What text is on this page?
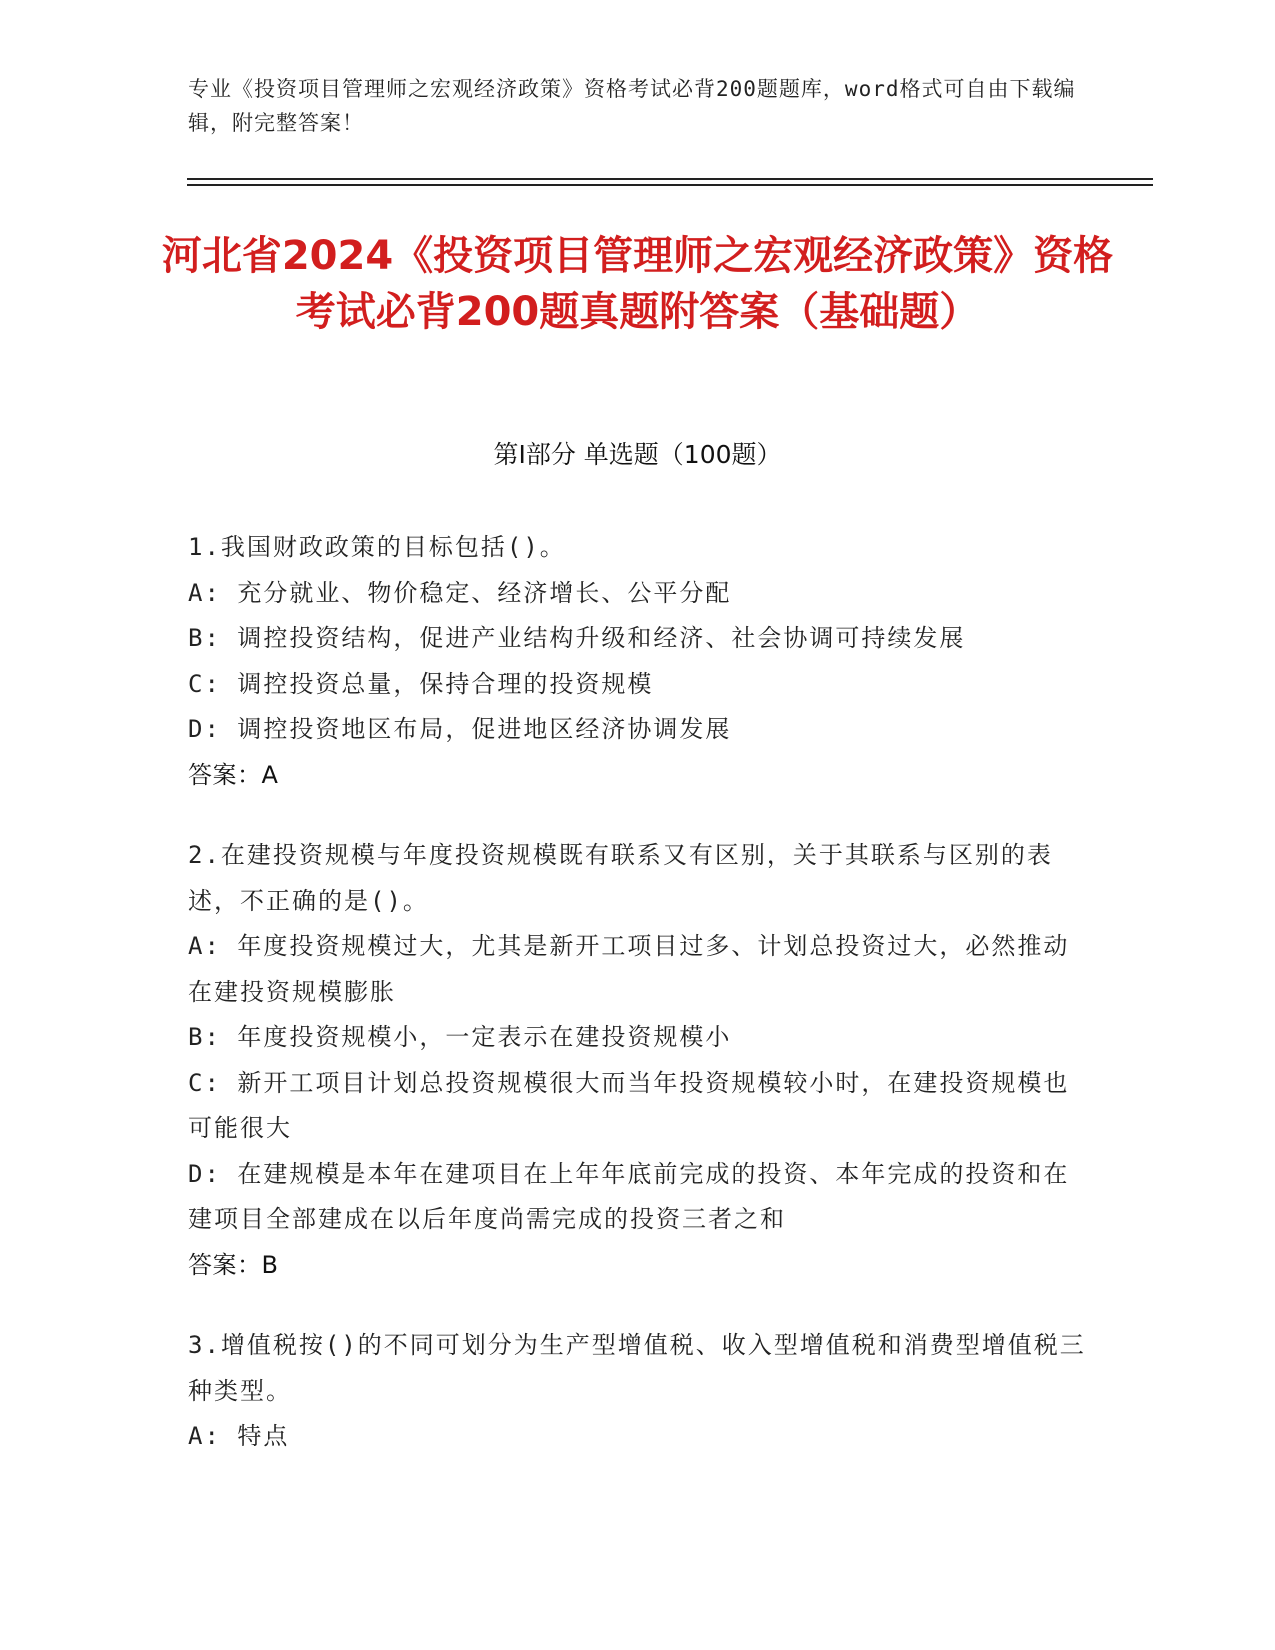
专业《投资项目管理师之宏观经济政策》资格考试必背200题题库，word格式可自由下载编辑，附完整答案！
河北省2024《投资项目管理师之宏观经济政策》资格考试必背200题真题附答案（基础题）
第Ⅰ部分 单选题（100题）

1.我国财政政策的目标包括()。

A: 充分就业、物价稳定、经济增长、公平分配

B: 调控投资结构，促进产业结构升级和经济、社会协调可持续发展

C: 调控投资总量，保持合理的投资规模

D: 调控投资地区布局，促进地区经济协调发展

答案：A

2.在建投资规模与年度投资规模既有联系又有区别，关于其联系与区别的表述，不正确的是()。

A: 年度投资规模过大，尤其是新开工项目过多、计划总投资过大，必然推动在建投资规模膨胀

B: 年度投资规模小，一定表示在建投资规模小

C: 新开工项目计划总投资规模很大而当年投资规模较小时，在建投资规模也可能很大

D: 在建规模是本年在建项目在上年年底前完成的投资、本年完成的投资和在建项目全部建成在以后年度尚需完成的投资三者之和

答案：B

3.增值税按()的不同可划分为生产型增值税、收入型增值税和消费型增值税三种类型。

A: 特点
